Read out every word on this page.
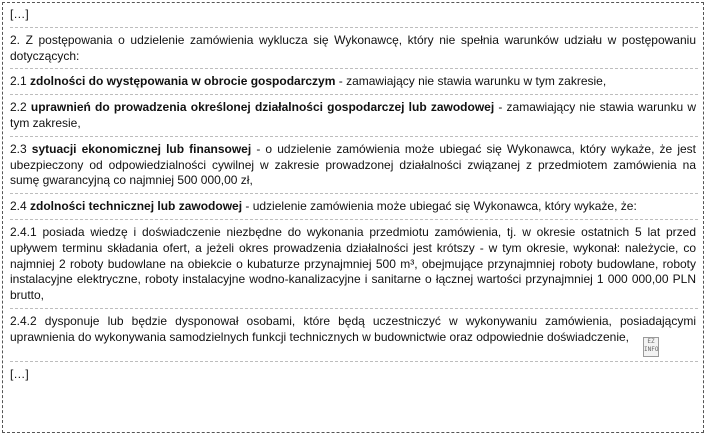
[…]
2. Z postępowania o udzielenie zamówienia wyklucza się Wykonawcę, który nie spełnia warunków udziału w postępowaniu dotyczących:
2.1 zdolności do występowania w obrocie gospodarczym - zamawiający nie stawia warunku w tym zakresie,
2.2 uprawnień do prowadzenia określonej działalności gospodarczej lub zawodowej - zamawiający nie stawia warunku w tym zakresie,
2.3 sytuacji ekonomicznej lub finansowej - o udzielenie zamówienia może ubiegać się Wykonawca, który wykaże, że jest ubezpieczony od odpowiedzialności cywilnej w zakresie prowadzonej działalności związanej z przedmiotem zamówienia na sumę gwarancyjną co najmniej 500 000,00 zł,
2.4 zdolności technicznej lub zawodowej - udzielenie zamówienia może ubiegać się Wykonawca, który wykaże, że:
2.4.1 posiada wiedzę i doświadczenie niezbędne do wykonania przedmiotu zamówienia, tj. w okresie ostatnich 5 lat przed upływem terminu składania ofert, a jeżeli okres prowadzenia działalności jest krótszy - w tym okresie, wykonał: należycie, co najmniej 2 roboty budowlane na obiekcie o kubaturze przynajmniej 500 m³, obejmujące przynajmniej roboty budowlane, roboty instalacyjne elektryczne, roboty instalacyjne wodno-kanalizacyjne i sanitarne o łącznej wartości przynajmniej 1 000 000,00 PLN brutto,
2.4.2 dysponuje lub będzie dysponował osobami, które będą uczestniczyć w wykonywaniu zamówienia, posiadającymi uprawnienia do wykonywania samodzielnych funkcji technicznych w budownictwie oraz odpowiednie doświadczenie,	EZ INFO
[…]
